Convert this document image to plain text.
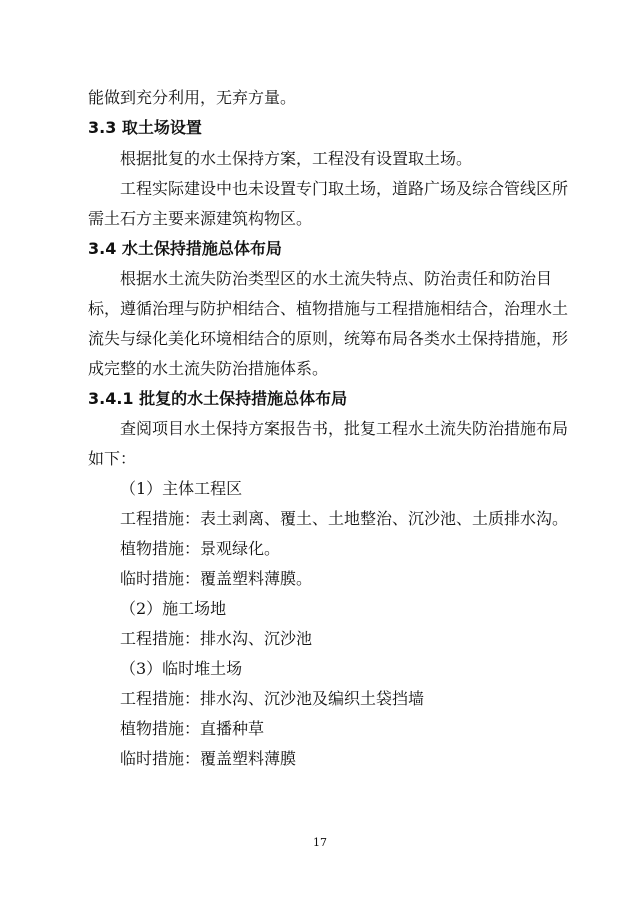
能做到充分利用，无弃方量。
3.3 取土场设置
根据批复的水土保持方案，工程没有设置取土场。
工程实际建设中也未设置专门取土场，道路广场及综合管线区所
需土石方主要来源建筑构物区。
3.4 水土保持措施总体布局
根据水土流失防治类型区的水土流失特点、防治责任和防治目
标，遵循治理与防护相结合、植物措施与工程措施相结合，治理水土
流失与绿化美化环境相结合的原则，统筹布局各类水土保持措施，形
成完整的水土流失防治措施体系。
3.4.1 批复的水土保持措施总体布局
查阅项目水土保持方案报告书，批复工程水土流失防治措施布局
如下：
（1）主体工程区
工程措施：表土剥离、覆土、土地整治、沉沙池、土质排水沟。
植物措施：景观绿化。
临时措施：覆盖塑料薄膜。
（2）施工场地
工程措施：排水沟、沉沙池
（3）临时堆土场
工程措施：排水沟、沉沙池及编织土袋挡墙
植物措施：直播种草
临时措施：覆盖塑料薄膜
17
